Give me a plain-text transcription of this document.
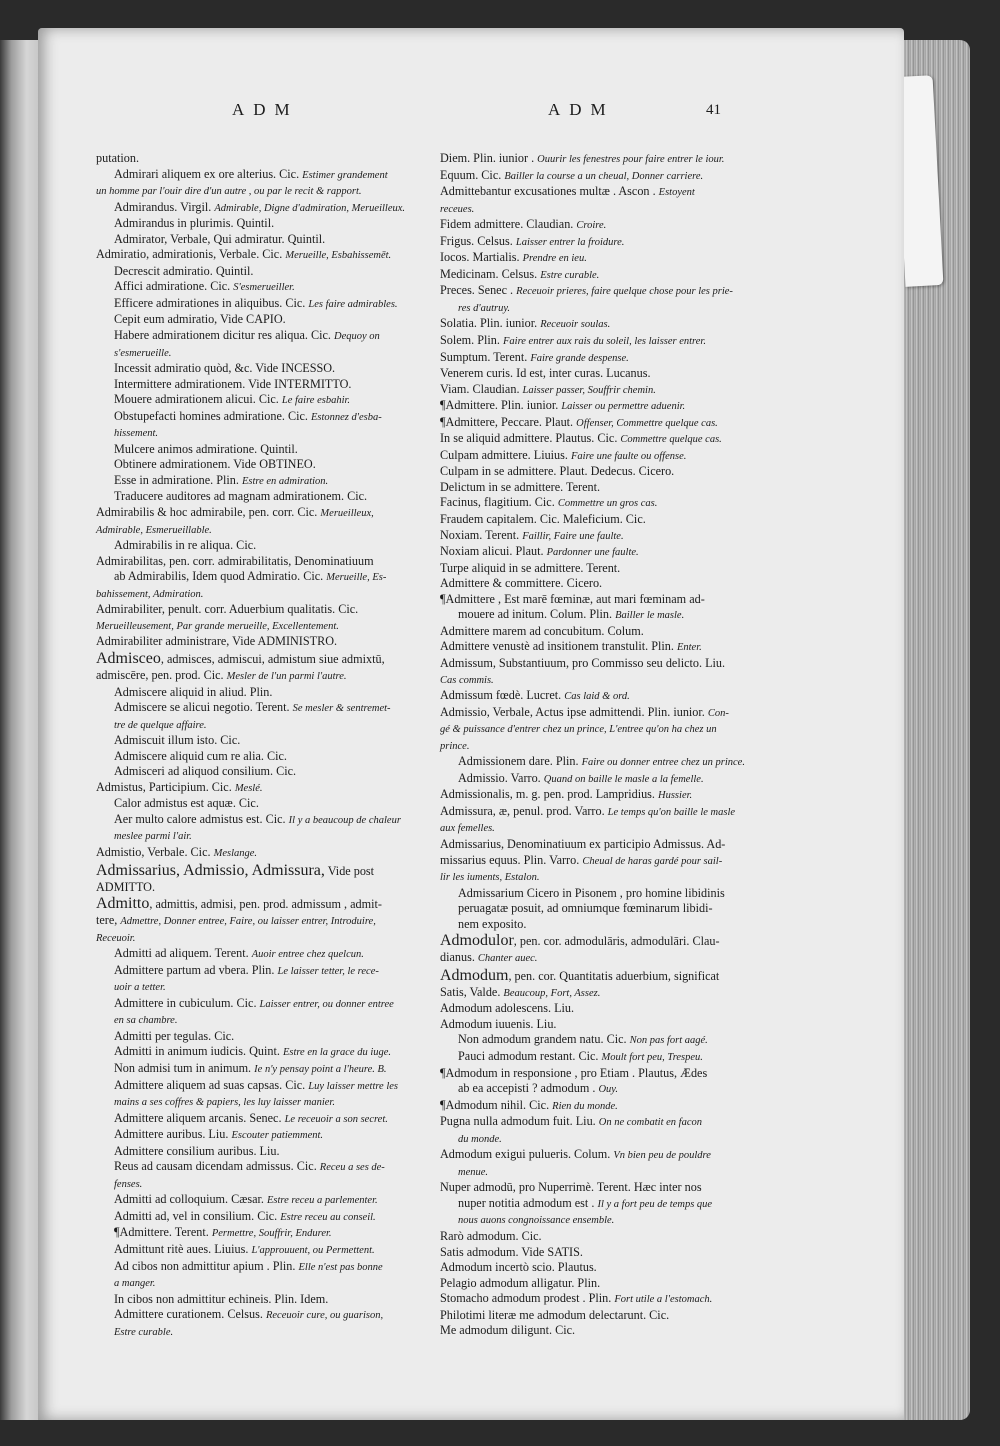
ADM	ADM	41
putation.
Admirari aliquem ex ore alterius. Cic. Estimer grandement
un homme par l'ouir dire d'un autre , ou par le recit & rapport.
Admirandus. Virgil. Admirable, Digne d'admiration, Merueilleux.
Admirandus in plurimis. Quintil.
Admirator, Verbale, Qui admiratur. Quintil.
Admiratio, admirationis, Verbale. Cic. Merueille, Esbahissemēt.
Decrescit admiratio. Quintil.
Affici admiratione. Cic. S'esmerueiller.
Efficere admirationes in aliquibus. Cic. Les faire admirables.
Cepit eum admiratio, Vide CAPIO.
Habere admirationem dicitur res aliqua. Cic. Dequoy on
s'esmerueille.
Incessit admiratio quòd, &c. Vide INCESSO.
Intermittere admirationem. Vide INTERMITTO.
Mouere admirationem alicui. Cic. Le faire esbahir.
Obstupefacti homines admiratione. Cic. Estonnez d'esba-
hissement.
Mulcere animos admiratione. Quintil.
Obtinere admirationem. Vide OBTINEO.
Esse in admiratione. Plin. Estre en admiration.
Traducere auditores ad magnam admirationem. Cic.
Admirabilis & hoc admirabile, pen. corr. Cic. Merueilleux,
Admirable, Esmerueillable.
Admirabilis in re aliqua. Cic.
Admirabilitas, pen. corr. admirabilitatis, Denominatiuum
ab Admirabilis, Idem quod Admiratio. Cic. Merueille, Es-
bahissement, Admiration.
Admirabiliter, penult. corr. Aduerbium qualitatis. Cic.
Merueilleusement, Par grande merueille, Excellentement.
Admirabiliter administrare, Vide ADMINISTRO.
Admisceo, admisces, admiscui, admistum siue admixtū,
admiscēre, pen. prod. Cic. Mesler de l'un parmi l'autre.
Admiscere aliquid in aliud. Plin.
Admiscere se alicui negotio. Terent. Se mesler & sentremet-
tre de quelque affaire.
Admiscuit illum isto. Cic.
Admiscere aliquid cum re alia. Cic.
Admisceri ad aliquod consilium. Cic.
Admistus, Participium. Cic. Meslé.
Calor admistus est aquæ. Cic.
Aer multo calore admistus est. Cic. Il y a beaucoup de chaleur
meslee parmi l'air.
Admistio, Verbale. Cic. Meslange.
Admissarius, Admissio, Admissura, Vide post
ADMITTO.
Admitto, admittis, admisi, pen. prod. admissum , admit-
tere, Admettre, Donner entree, Faire, ou laisser entrer, Introduire,
Receuoir.
Admitti ad aliquem. Terent. Auoir entree chez quelcun.
Admittere partum ad vbera. Plin. Le laisser tetter, le rece-
uoir a tetter.
Admittere in cubiculum. Cic. Laisser entrer, ou donner entree
en sa chambre.
Admitti per tegulas. Cic.
Admitti in animum iudicis. Quint. Estre en la grace du iuge.
Non admisi tum in animum. Ie n'y pensay point a l'heure. B.
Admittere aliquem ad suas capsas. Cic. Luy laisser mettre les
mains a ses coffres & papiers, les luy laisser manier.
Admittere aliquem arcanis. Senec. Le receuoir a son secret.
Admittere auribus. Liu. Escouter patiemment.
Admittere consilium auribus. Liu.
Reus ad causam dicendam admissus. Cic. Receu a ses de-
fenses.
Admitti ad colloquium. Cæsar. Estre receu a parlementer.
Admitti ad, vel in consilium. Cic. Estre receu au conseil.
¶Admittere. Terent. Permettre, Souffrir, Endurer.
Admittunt ritè aues. Liuius. L'approuuent, ou Permettent.
Ad cibos non admittitur apium . Plin. Elle n'est pas bonne
a manger.
In cibos non admittitur echineis. Plin. Idem.
Admittere curationem. Celsus. Receuoir cure, ou guarison,
Estre curable.
Diem. Plin. iunior . Ouurir les fenestres pour faire entrer le iour.
Equum. Cic. Bailler la course a un cheual, Donner carriere.
Admittebantur excusationes multæ . Ascon . Estoyent
receues.
Fidem admittere. Claudian. Croire.
Frigus. Celsus. Laisser entrer la froidure.
Iocos. Martialis. Prendre en ieu.
Medicinam. Celsus. Estre curable.
Preces. Senec . Receuoir prieres, faire quelque chose pour les prie-
res d'autruy.
Solatia. Plin. iunior. Receuoir soulas.
Solem. Plin. Faire entrer aux rais du soleil, les laisser entrer.
Sumptum. Terent. Faire grande despense.
Venerem curis. Id est, inter curas. Lucanus.
Viam. Claudian. Laisser passer, Souffrir chemin.
¶Admittere. Plin. iunior. Laisser ou permettre aduenir.
¶Admittere, Peccare. Plaut. Offenser, Commettre quelque cas.
In se aliquid admittere. Plautus. Cic. Commettre quelque cas.
Culpam admittere. Liuius. Faire une faulte ou offense.
Culpam in se admittere. Plaut. Dedecus. Cicero.
Delictum in se admittere. Terent.
Facinus, flagitium. Cic. Commettre un gros cas.
Fraudem capitalem. Cic. Maleficium. Cic.
Noxiam. Terent. Faillir, Faire une faulte.
Noxiam alicui. Plaut. Pardonner une faulte.
Turpe aliquid in se admittere. Terent.
Admittere & committere. Cicero.
¶Admittere , Est marē fœminæ, aut mari fœminam ad-
mouere ad initum. Colum. Plin. Bailler le masle.
Admittere marem ad concubitum. Colum.
Admittere venustè ad insitionem transtulit. Plin. Enter.
Admissum, Substantiuum, pro Commisso seu delicto. Liu.
Cas commis.
Admissum fœdè. Lucret. Cas laid & ord.
Admissio, Verbale, Actus ipse admittendi. Plin. iunior. Con-
gé & puissance d'entrer chez un prince, L'entree qu'on ha chez un
prince.
Admissionem dare. Plin. Faire ou donner entree chez un prince.
Admissio. Varro. Quand on baille le masle a la femelle.
Admissionalis, m. g. pen. prod. Lampridius. Hussier.
Admissura, æ, penul. prod. Varro. Le temps qu'on baille le masle
aux femelles.
Admissarius, Denominatiuum ex participio Admissus. Ad-
missarius equus. Plin. Varro. Cheual de haras gardé pour sail-
lir les iuments, Estalon.
Admissarium Cicero in Pisonem , pro homine libidinis
peruagatæ posuit, ad omniumque fœminarum libidi-
nem exposito.
Admodulor, pen. cor. admodulāris, admodulāri. Clau-
dianus. Chanter auec.
Admodum, pen. cor. Quantitatis aduerbium, significat
Satis, Valde. Beaucoup, Fort, Assez.
Admodum adolescens. Liu.
Admodum iuuenis. Liu.
Non admodum grandem natu. Cic. Non pas fort aagé.
Pauci admodum restant. Cic. Moult fort peu, Trespeu.
¶Admodum in responsione , pro Etiam . Plautus, Ædes
ab ea accepisti ? admodum . Ouy.
¶Admodum nihil. Cic. Rien du monde.
Pugna nulla admodum fuit. Liu. On ne combatit en facon
du monde.
Admodum exigui pulueris. Colum. Vn bien peu de pouldre
menue.
Nuper admodū, pro Nuperrimè. Terent. Hæc inter nos
nuper notitia admodum est . Il y a fort peu de temps que
nous auons congnoissance ensemble.
Rarò admodum. Cic.
Satis admodum. Vide SATIS.
Admodum incertò scio. Plautus.
Pelagio admodum alligatur. Plin.
Stomacho admodum prodest . Plin. Fort utile a l'estomach.
Philotimi literæ me admodum delectarunt. Cic.
Me admodum diligunt. Cic.
